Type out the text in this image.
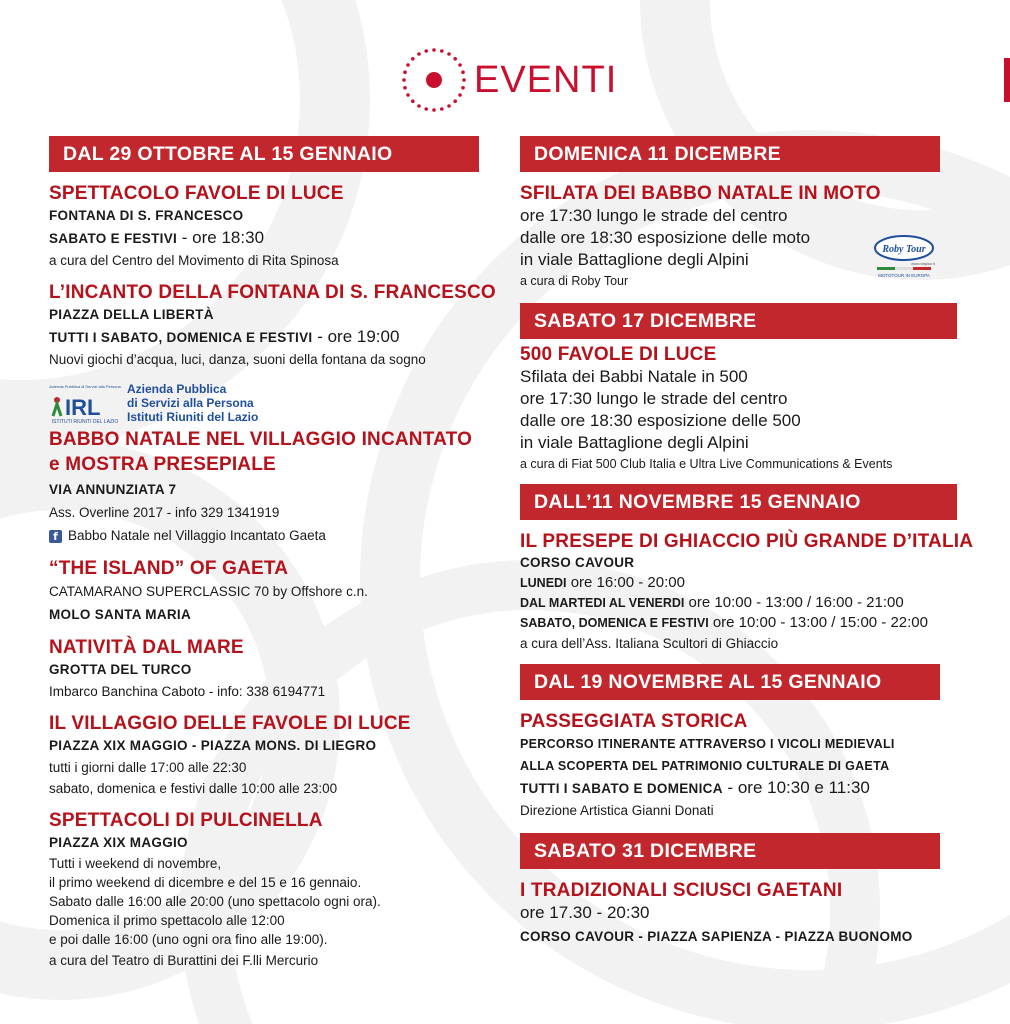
EVENTI
DAL 29 OTTOBRE AL 15 GENNAIO
SPETTACOLO FAVOLE DI LUCE
FONTANA DI S. FRANCESCO
SABATO E FESTIVI - ore 18:30
a cura del Centro del Movimento di Rita Spinosa
L’INCANTO DELLA FONTANA DI S. FRANCESCO
PIAZZA DELLA LIBERTÀ
TUTTI I SABATO, DOMENICA E FESTIVI - ore 19:00
Nuovi giochi d’acqua, luci, danza, suoni della fontana da sogno
Azienda Pubblica di Servizi alla Persona
IRL
ISTITUTI RIUNITI DEL LAZIO
Azienda Pubblica
di Servizi alla Persona
Istituti Riuniti del Lazio
BABBO NATALE NEL VILLAGGIO INCANTATO
e MOSTRA PRESEPIALE
VIA ANNUNZIATA 7
Ass. Overline 2017 - info 329 1341919
f Babbo Natale nel Villaggio Incantato Gaeta
“THE ISLAND” OF GAETA
CATAMARANO SUPERCLASSIC 70 by Offshore c.n.
MOLO SANTA MARIA
NATIVITÀ DAL MARE
GROTTA DEL TURCO
Imbarco Banchina Caboto - info: 338 6194771
IL VILLAGGIO DELLE FAVOLE DI LUCE
PIAZZA XIX MAGGIO - PIAZZA MONS. DI LIEGRO
tutti i giorni dalle 17:00 alle 22:30
sabato, domenica e festivi dalle 10:00 alle 23:00
SPETTACOLI DI PULCINELLA
PIAZZA XIX MAGGIO
Tutti i weekend di novembre,
il primo weekend di dicembre e del 15 e 16 gennaio.
Sabato dalle 16:00 alle 20:00 (uno spettacolo ogni ora).
Domenica il primo spettacolo alle 12:00
e poi dalle 16:00 (uno ogni ora fino alle 19:00).
a cura del Teatro di Burattini dei F.lli Mercurio
DOMENICA 11 DICEMBRE
SFILATA DEI BABBO NATALE IN MOTO
ore 17:30 lungo le strade del centro
dalle ore 18:30 esposizione delle moto
in viale Battaglione degli Alpini
a cura di Roby Tour
Roby Tour
www.robytour.it
MOTOTOUR IN EUROPA
SABATO 17 DICEMBRE
500 FAVOLE DI LUCE
Sfilata dei Babbi Natale in 500
ore 17:30 lungo le strade del centro
dalle ore 18:30 esposizione delle 500
in viale Battaglione degli Alpini
a cura di Fiat 500 Club Italia e Ultra Live Communications & Events
DALL’11 NOVEMBRE 15 GENNAIO
IL PRESEPE DI GHIACCIO PIÙ GRANDE D’ITALIA
CORSO CAVOUR
LUNEDI ore 16:00 - 20:00
DAL MARTEDI AL VENERDI ore 10:00 - 13:00 / 16:00 - 21:00
SABATO, DOMENICA E FESTIVI ore 10:00 - 13:00 / 15:00 - 22:00
a cura dell’Ass. Italiana Scultori di Ghiaccio
DAL 19 NOVEMBRE AL 15 GENNAIO
PASSEGGIATA STORICA
PERCORSO ITINERANTE ATTRAVERSO I VICOLI MEDIEVALI
ALLA SCOPERTA DEL PATRIMONIO CULTURALE DI GAETA
TUTTI I SABATO E DOMENICA - ore 10:30 e 11:30
Direzione Artistica Gianni Donati
SABATO 31 DICEMBRE
I TRADIZIONALI SCIUSCI GAETANI
ore 17.30 - 20:30
CORSO CAVOUR - PIAZZA SAPIENZA - PIAZZA BUONOMO
